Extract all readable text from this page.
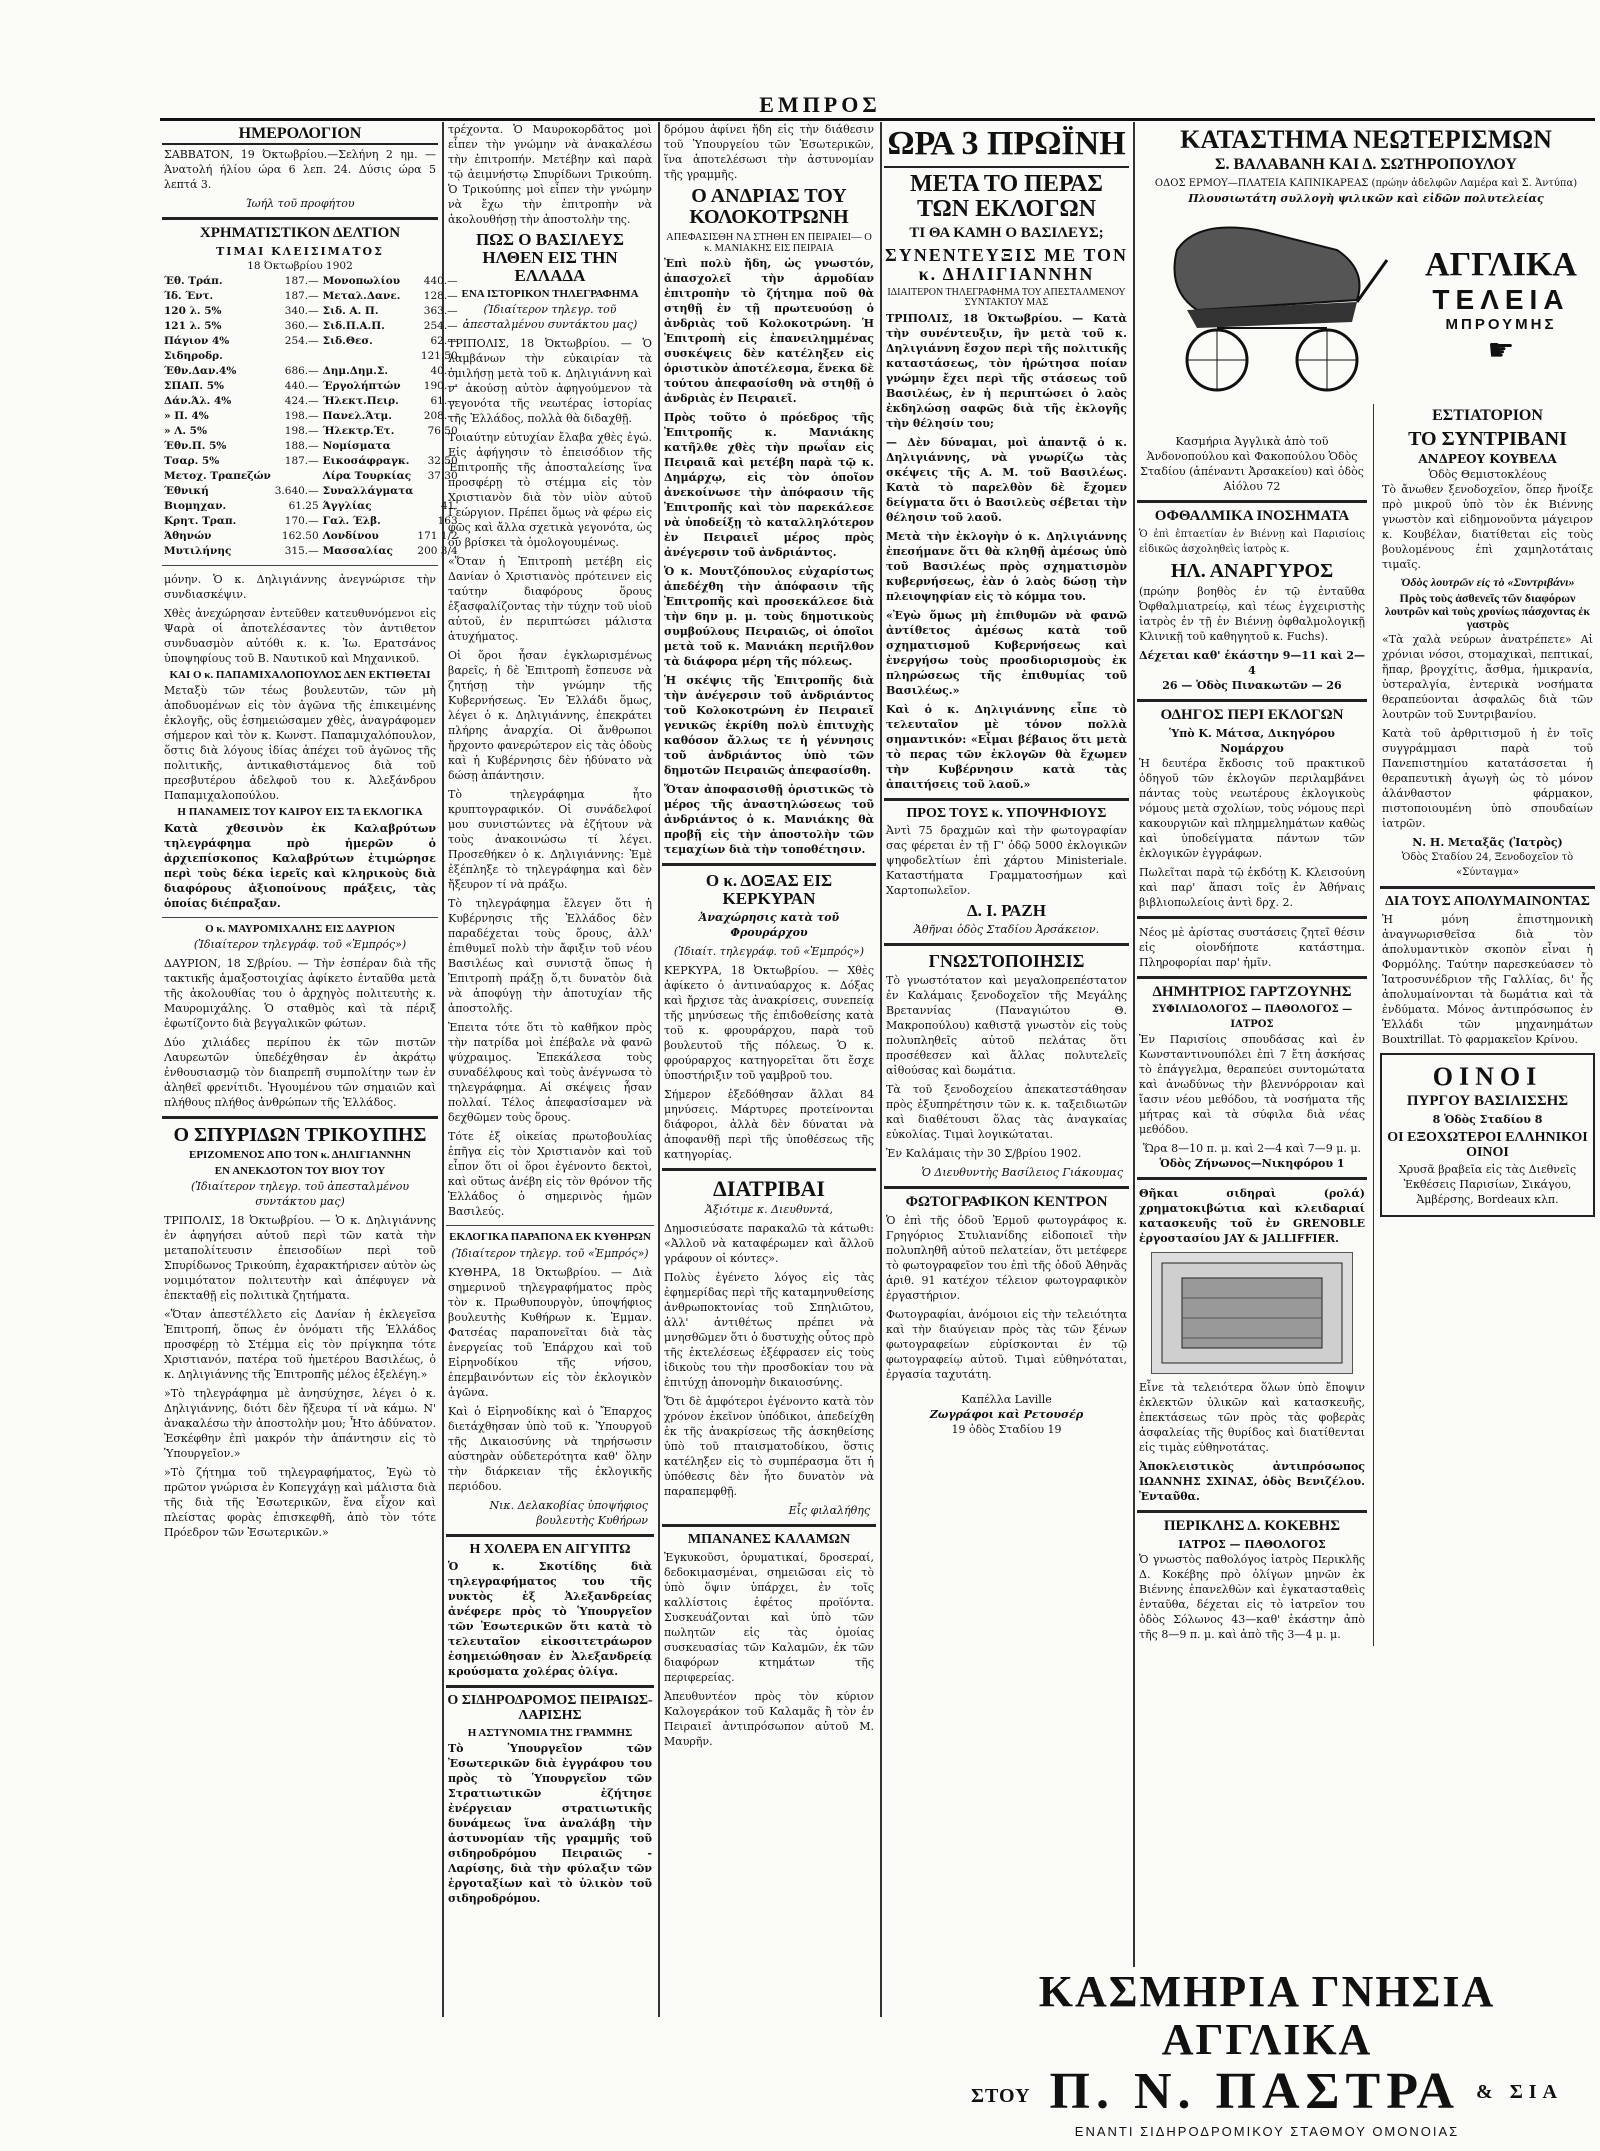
ΕΜΠΡΟΣ
ΗΜΕΡΟΛΟΓΙΟΝ
ΣΑΒΒΑΤΟΝ, 19 Όκτωβρίου.—Σελήνη 2 ημ. — Άνατολή ήλίου ώρα 6 λεπ. 24. Δύσις ώρα 5 λεπτά 3.
Ίωήλ τοῦ προφήτου
ΧΡΗΜΑΤΙΣΤΙΚΟΝ ΔΕΛΤΙΟΝ
ΤΙΜΑΙ ΚΛΕΙΣΙΜΑΤΟΣ
18 Όκτωβρίου 1902
Έθ. Τράπ.	187.—	Μονοπωλίου	440.—
Ίδ. Έντ.	187.—	Μεταλ.Δανε.	128.—
120 λ. 5%	340.—	Σιδ. Α. Π.	363.—
121 λ. 5%	360.—	Σιδ.Π.Α.Π.	254.—
Πάγιον 4%	254.—	Σιδ.Θεσ.	62.—
Σιδηροδρ.			121.50
Έθν.Δαν.4%	686.—	Δημ.Δημ.Σ.	40.—
ΣΠΑΠ. 5%	440.—	Έργολήπτών	190.—
Δάν.Άλ. 4%	424.—	Ήλεκτ.Πειρ.	61.—
» Π. 4%	198.—	Πανελ.Άτμ.	208.—
» Λ. 5%	198.—	Ήλεκτρ.Έτ.	76.50
Έθν.Π. 5%	188.—	Νομίσματα	
Τσαρ. 5%	187.—	Εικοσάφραγκ.	32.50
Μετοχ. Τραπεζών		Λίρα Τουρκίας	37.30
Έθνική	3.640.—	Συναλλάγματα	
Βιομηχαν.	61.25	Άγγλίας	41.
Κρητ. Τραπ.	170.—	Γαλ. Έλβ.	163
Άθηνών	162.50	Λονδίνου	171 1/2
Μυτιλήνης	315.—	Μασσαλίας	200 3/4
μόνην. Ὁ κ. Δηλιγιάννης ἀνεγνώρισε τὴν συνδιασκέψιν.
Χθὲς ἀνεχώρησαν ἐντεῦθεν κατευθυνόμενοι εἰς Ψαρὰ οἱ ἀποτελέσαντες τὸν ἀντιθετον συνδυασμὸν αὐτόθι κ. κ. Ἰω. Ερατσάνος ὑποψηφίους τοῦ Β. Ναυτικοῦ καὶ Μηχανικοῦ.
ΚΑΙ Ο κ. ΠΑΠΑΜΙΧΑΛΟΠΟΥΛΟΣ ΔΕΝ ΕΚΤΙΘΕΤΑΙ
Μεταξὺ τῶν τέως βουλευτῶν, τῶν μὴ ἀποδυομένων εἰς τὸν ἀγῶνα τῆς ἐπικειμένης ἐκλογῆς, οὓς ἐσημειώσαμεν χθὲς, ἀναγράφομεν σήμερον καὶ τὸν κ. Κωνστ. Παπαμιχαλόπουλον, ὅστις διὰ λόγους ἰδίας ἀπέχει τοῦ ἀγῶνος τῆς πολιτικῆς, ἀντικαθιστάμενος διὰ τοῦ πρεσβυτέρου ἀδελφοῦ του κ. Ἀλεξάνδρου Παπαμιχαλοπούλου.
Η ΠΑΝΑΜΕΙΣ ΤΟΥ ΚΑΙΡΟΥ ΕΙΣ ΤΑ ΕΚΛΟΓΙΚΑ
Κατὰ χθεσινὸν ἐκ Καλαβρύτων τηλεγράφημα πρὸ ἡμερῶν ὁ ἀρχιεπίσκοπος Καλαβρύτων ἐτιμώρησε περὶ τοὺς δέκα ἱερεῖς καὶ κληρικοὺς διὰ διαφόρους ἀξιοποίνους πράξεις, τὰς ὁποίας διέπραξαν.
Ο κ. ΜΑΥΡΟΜΙΧΑΛΗΣ ΕΙΣ ΔΑΥΡΙΟΝ
(Ἰδιαίτερον τηλεγράφ. τοῦ «Ἐμπρός»)
ΔΑΥΡΙΟΝ, 18 Σ/βρίου. — Τὴν ἑσπέραν διὰ τῆς τακτικῆς ἁμαξοστοιχίας ἀφίκετο ἐνταῦθα μετὰ τῆς ἀκολουθίας του ὁ ἀρχηγὸς πολιτευτὴς κ. Μαυρομιχάλης. Ὁ σταθμὸς καὶ τὰ πέριξ ἐφωτίζοντο διὰ βεγγαλικῶν φώτων.
Δύο χιλιάδες περίπου ἐκ τῶν πιστῶν Λαυρεωτῶν ὑπεδέχθησαν ἐν ἀκράτῳ ἐνθουσιασμῷ τὸν διαπρεπῆ συμπολίτην των ἐν ἀληθεῖ φρενίτιδι. Ἠγουμένου τῶν σημαιῶν καὶ πλήθους πλήθος ἀνθρώπων τῆς Ἑλλάδος.
Ο ΣΠΥΡΙΔΩΝ ΤΡΙΚΟΥΠΗΣ
ΕΡΙΖΟΜΕΝΟΣ ΑΠΟ ΤΟΝ κ. ΔΗΛΙΓΙΑΝΝΗΝ
ΕΝ ΑΝΕΚΔΟΤΟΝ ΤΟΥ ΒΙΟΥ ΤΟΥ
(Ἰδιαίτερον τηλεγρ. τοῦ ἀπεσταλμένου συντάκτου μας)
ΤΡΙΠΟΛΙΣ, 18 Ὀκτωβρίου. — Ὁ κ. Δηλιγιάννης ἐν ἀφηγήσει αὐτοῦ περὶ τῶν κατὰ τὴν μεταπολίτευσιν ἐπεισοδίων περὶ τοῦ Σπυρίδωνος Τρικούπη, ἐχαρακτήρισεν αὐτὸν ὡς νομιμότατον πολιτευτὴν καὶ ἀπέφυγεν νὰ ἐπεκταθῇ εἰς πολιτικὰ ζητήματα.
«Ὅταν ἀπεστέλλετο εἰς Δανίαν ἡ ἐκλεγεῖσα Ἐπιτροπή, ὅπως ἐν ὀνόματι τῆς Ἑλλάδος προσφέρῃ τὸ Στέμμα εἰς τὸν πρίγκηπα τότε Χριστιανόν, πατέρα τοῦ ἡμετέρου Βασιλέως, ὁ κ. Δηλιγιάννης τῆς Ἐπιτροπῆς μέλος ἐξελέγη.»
»Τὸ τηλεγράφημα μὲ ἀνησύχησε, λέγει ὁ κ. Δηλιγιάννης, διότι δὲν ἤξευρα τί νὰ κάμω. Ν' ἀνακαλέσω τὴν ἀποστολὴν μου; Ἦτο ἀδύνατον. Ἐσκέφθην ἐπὶ μακρόν τὴν ἀπάντησιν εἰς τὸ Ὑπουργεῖον.»
»Τὸ ζήτημα τοῦ τηλεγραφήματος, Ἐγὼ τὸ πρῶτον γνώρισα ἐν Κοπεγχάγῃ καὶ μάλιστα διὰ τῆς διὰ τῆς Ἐσωτερικῶν, ἕνα εἶχον καὶ πλείστας φορὰς ἐπισκεφθῆ, ἀπὸ τὸν τότε Πρόεδρον τῶν Ἐσωτερικῶν.»
τρέχοντα. Ὁ Μαυροκορδᾶτος μοὶ εἶπεν τὴν γνώμην νὰ ἀνακαλέσω τὴν ἐπιτροπήν. Μετέβην καὶ παρὰ τῷ ἀειμνήστῳ Σπυρίδωνι Τρικούπη. Ὁ Τρικούπης μοὶ εἶπεν τὴν γνώμην νὰ ἔχω τὴν ἐπιτροπὴν νὰ ἀκολουθήσῃ τὴν ἀποστολὴν της.
ΠΩΣ Ο ΒΑΣΙΛΕΥΣ ΗΛΘΕΝ ΕΙΣ ΤΗΝ ΕΛΛΑΔΑ
ΕΝΑ ΙΣΤΟΡΙΚΟΝ ΤΗΛΕΓΡΑΦΗΜΑ
(Ἰδιαίτερον τηλεγρ. τοῦ ἀπεσταλμένου συντάκτου μας)
ΤΡΙΠΟΛΙΣ, 18 Ὀκτωβρίου. — Ὁ λαμβάνων τὴν εὐκαιρίαν τὰ ὁμιλήσῃ μετὰ τοῦ κ. Δηλιγιάννη καὶ ν' ἀκούσῃ αὐτὸν ἀφηγούμενον τὰ γεγονότα τῆς νεωτέρας ἱστορίας τῆς Ἑλλάδος, πολλὰ θὰ διδαχθῇ.
Τοιαύτην εὐτυχίαν ἔλαβα χθὲς ἐγώ. Εἰς ἀφήγησιν τὸ ἐπεισόδιον τῆς Ἐπιτροπῆς τῆς ἀποσταλείσης ἵνα προσφέρῃ τὸ στέμμα εἰς τὸν Χριστιανὸν διὰ τὸν υἱὸν αὐτοῦ Γεώργιον. Πρέπει ὅμως νὰ φέρω εἰς φῶς καὶ ἄλλα σχετικὰ γεγονότα, ὡς οὐ βρίσκει τὰ ὁμολογουμένως.
«Ὅταν ἡ Ἐπιτροπὴ μετέβη εἰς Δανίαν ὁ Χριστιανὸς πρότεινεν εἰς ταύτην διαφόρους ὅρους ἐξασφαλίζοντας τὴν τύχην τοῦ υἱοῦ αὐτοῦ, ἐν περιπτώσει μάλιστα ἀτυχήματος.
Οἱ ὅροι ἦσαν ἐγκλωρισμένως βαρεῖς, ἡ δὲ Ἐπιτροπὴ ἔσπευσε νὰ ζητήσῃ τὴν γνώμην τῆς Κυβερνήσεως. Ἐν Ἑλλάδι ὅμως, λέγει ὁ κ. Δηλιγιάννης, ἐπεκράτει πλήρης ἀναρχία. Οἱ ἄνθρωποι ἤρχοντο φανερώτερον εἰς τὰς ὁδοὺς καὶ ἡ Κυβέρνησις δὲν ἠδύνατο νὰ δώσῃ ἀπάντησιν.
Τὸ τηλεγράφημα ἦτο κρυπτογραφικόν. Οἱ συνάδελφοί μου συνιστώντες νὰ ἐζήτουν νὰ τοὺς ἀνακοινώσω τί λέγει. Προσεθήκεν ὁ κ. Δηλιγιάννης: Ἐμὲ ἐξέπληξε τὸ τηλεγράφημα καὶ δὲν ἤξευρον τί νὰ πράξω.
Τὸ τηλεγράφημα ἔλεγεν ὅτι ἡ Κυβέρνησις τῆς Ἑλλάδος δὲν παραδέχεται τοὺς ὅρους, ἀλλ' ἐπιθυμεῖ πολὺ τὴν ἄφιξιν τοῦ νέου Βασιλέως καὶ συνιστᾷ ὅπως ἡ Ἐπιτροπὴ πράξῃ ὅ,τι δυνατὸν διὰ νὰ ἀποφύγῃ τὴν ἀποτυχίαν τῆς ἀποστολῆς.
Ἐπειτα τότε ὅτι τὸ καθῆκον πρὸς τὴν πατρίδα μοὶ ἐπέβαλε νὰ φανῶ ψύχραιμος. Ἐπεκάλεσα τοὺς συναδέλφους καὶ τοὺς ἀνέγνωσα τὸ τηλεγράφημα. Αἱ σκέψεις ἦσαν πολλαί. Τέλος ἀπεφασίσαμεν νὰ δεχθῶμεν τοὺς ὅρους.
Τότε ἐξ οἰκείας πρωτοβουλίας ἐπῆγα εἰς τὸν Χριστιανὸν καὶ τοῦ εἶπον ὅτι οἱ ὅροι ἐγένοντο δεκτοὶ, καὶ οὕτως ἀνέβη εἰς τὸν θρόνον τῆς Ἑλλάδος ὁ σημερινὸς ἡμῶν Βασιλεύς.
ΕΚΛΟΓΙΚΑ ΠΑΡΑΠΟΝΑ ΕΚ ΚΥΘΗΡΩΝ
(Ἰδιαίτερον τηλεγρ. τοῦ «Ἐμπρός»)
ΚΥΘΗΡΑ, 18 Ὀκτωβρίου. — Διὰ σημερινοῦ τηλεγραφήματος πρὸς τὸν κ. Πρωθυπουργὸν, ὑποψήφιος βουλευτὴς Κυθήρων κ. Ἐμμαν. Φατσέας παραπονεῖται διὰ τὰς ἐνεργείας τοῦ Ἐπάρχου καὶ τοῦ Εἰρηνοδίκου τῆς νήσου, ἐπεμβαινόντων εἰς τὸν ἐκλογικὸν ἀγῶνα.
Καὶ ὁ Εἰρηνοδίκης καὶ ὁ Ἔπαρχος διετάχθησαν ὑπὸ τοῦ κ. Ὑπουργοῦ τῆς Δικαιοσύνης νὰ τηρήσωσιν αὐστηρὰν οὐδετερότητα καθ' ὅλην τὴν διάρκειαν τῆς ἐκλογικῆς περιόδου.
Νικ. Δελακοβίας ὑποψήφιος βουλευτὴς Κυθήρων
Η ΧΟΛΕΡΑ ΕΝ ΑΙΓΥΠΤΩ
Ὁ κ. Σκοτίδης διὰ τηλεγραφήματος του τῆς νυκτὸς ἐξ Ἀλεξανδρείας ἀνέφερε πρὸς τὸ Ὑπουργεῖον τῶν Ἐσωτερικῶν ὅτι κατὰ τὸ τελευταῖον εἰκοσιτετράωρον ἐσημειώθησαν ἐν Ἀλεξανδρείᾳ κρούσματα χολέρας ὀλίγα.
Ο ΣΙΔΗΡΟΔΡΟΜΟΣ ΠΕΙΡΑΙΩΣ-ΛΑΡΙΣΗΣ
Η ΑΣΤΥΝΟΜΙΑ ΤΗΣ ΓΡΑΜΜΗΣ
Τὸ Ὑπουργεῖον τῶν Ἐσωτερικῶν διὰ ἐγγράφου του πρὸς τὸ Ὑπουργεῖον τῶν Στρατιωτικῶν ἐζήτησε ἐνέργειαν στρατιωτικῆς δυνάμεως ἵνα ἀναλάβῃ τὴν ἀστυνομίαν τῆς γραμμῆς τοῦ σιδηροδρόμου Πειραιῶς - Λαρίσης, διὰ τὴν φύλαξιν τῶν ἐργοταξίων καὶ τὸ ὑλικὸν τοῦ σιδηροδρόμου.
δρόμου ἀφίνει ἤδη εἰς τὴν διάθεσιν τοῦ Ὑπουργείου τῶν Ἐσωτερικῶν, ἵνα ἀποτελέσωσι τὴν ἀστυνομίαν τῆς γραμμῆς.
Ο ΑΝΔΡΙΑΣ ΤΟΥ ΚΟΛΟΚΟΤΡΩΝΗ
ΑΠΕΦΑΣΙΣΘΗ ΝΑ ΣΤΗΘΗ ΕΝ ΠΕΙΡΑΙΕΙ— Ο κ. ΜΑΝΙΑΚΗΣ ΕΙΣ ΠΕΙΡΑΙΑ
Ἐπὶ πολὺ ἤδη, ὡς γνωστόν, ἀπασχολεῖ τὴν ἁρμοδίαν ἐπιτροπὴν τὸ ζήτημα ποῦ θὰ στηθῇ ἐν τῇ πρωτευούσῃ ὁ ἀνδριὰς τοῦ Κολοκοτρώνη. Ἡ Ἐπιτροπὴ εἰς ἐπανειλημμένας συσκέψεις δὲν κατέληξεν εἰς ὁριστικὸν ἀποτέλεσμα, ἕνεκα δὲ τούτου ἀπεφασίσθη νὰ στηθῇ ὁ ἀνδριὰς ἐν Πειραιεῖ.
Πρὸς τοῦτο ὁ πρόεδρος τῆς Ἐπιτροπῆς κ. Μανιάκης κατῆλθε χθὲς τὴν πρωΐαν εἰς Πειραιᾶ καὶ μετέβη παρὰ τῷ κ. Δημάρχῳ, εἰς τὸν ὁποῖον ἀνεκοίνωσε τὴν ἀπόφασιν τῆς Ἐπιτροπῆς καὶ τὸν παρεκάλεσε νὰ ὑποδείξῃ τὸ καταλληλότερον ἐν Πειραιεῖ μέρος πρὸς ἀνέγερσιν τοῦ ἀνδριάντος.
Ὁ κ. Μουτζόπουλος εὐχαρίστως ἀπεδέχθη τὴν ἀπόφασιν τῆς Ἐπιτροπῆς καὶ προσεκάλεσε διὰ τὴν 6ην μ. μ. τοὺς δημοτικοὺς συμβούλους Πειραιῶς, οἱ ὁποῖοι μετὰ τοῦ κ. Μανιάκη περιῆλθον τὰ διάφορα μέρη τῆς πόλεως.
Ἡ σκέψις τῆς Ἐπιτροπῆς διὰ τὴν ἀνέγερσιν τοῦ ἀνδριάντος τοῦ Κολοκοτρώνη ἐν Πειραιεῖ γενικῶς ἐκρίθη πολὺ ἐπιτυχὴς καθόσον ἄλλως τε ἡ γέννησις τοῦ ἀνδριάντος ὑπὸ τῶν δημοτῶν Πειραιῶς ἀπεφασίσθη.
Ὅταν ἀποφασισθῇ ὁριστικῶς τὸ μέρος τῆς ἀναστηλώσεως τοῦ ἀνδριάντος ὁ κ. Μανιάκης θὰ προβῇ εἰς τὴν ἀποστολὴν τῶν τεμαχίων διὰ τὴν τοποθέτησιν.
Ο κ. ΔΟΞΑΣ ΕΙΣ ΚΕΡΚΥΡΑΝ
Ἀναχώρησις κατὰ τοῦ Φρουράρχου
(Ἰδιαίτ. τηλεγράφ. τοῦ «Ἐμπρός»)
ΚΕΡΚΥΡΑ, 18 Ὀκτωβρίου. — Χθὲς ἀφίκετο ὁ ἀντιναύαρχος κ. Δόξας καὶ ἤρχισε τὰς ἀνακρίσεις, συνεπείᾳ τῆς μηνύσεως τῆς ἐπιδοθείσης κατὰ τοῦ κ. φρουράρχου, παρὰ τοῦ βουλευτοῦ τῆς πόλεως. Ὁ κ. φρούραρχος κατηγορεῖται ὅτι ἔσχε ὑποστήριξιν τοῦ γαμβροῦ του.
Σήμερον ἐξεδόθησαν ἄλλαι 84 μηνύσεις. Μάρτυρες προτείνονται διάφοροι, ἀλλὰ δὲν δύναται νὰ ἀποφανθῇ περὶ τῆς ὑποθέσεως τῆς κατηγορίας.
ΔΙΑΤΡΙΒΑΙ
Ἀξιότιμε κ. Διευθυντά,
Δημοσιεύσατε παρακαλῶ τὰ κάτωθι: «Ἀλλοῦ νὰ καταφέρωμεν καὶ ἄλλοῦ γράφουν οἱ κόντες».
Πολὺς ἐγένετο λόγος εἰς τὰς ἐφημερίδας περὶ τῆς καταμηνυθείσης ἀνθρωποκτονίας τοῦ Σπηλιῶτου, ἀλλ' ἀντιθέτως πρέπει νὰ μνησθῶμεν ὅτι ὁ δυστυχὴς οὗτος πρὸ τῆς ἐκτελέσεως ἐξέφρασεν εἰς τοὺς ἰδικοὺς του τὴν προσδοκίαν του νὰ ἐπιτύχῃ ἀπονομὴν δικαιοσύνης.
Ὅτι δὲ ἀμφότεροι ἐγένοντο κατὰ τὸν χρόνον ἐκεῖνον ὑπόδικοι, ἀπεδείχθη ἐκ τῆς ἀνακρίσεως τῆς ἀσκηθείσης ὑπὸ τοῦ πταισματοδίκου, ὅστις κατέληξεν εἰς τὸ συμπέρασμα ὅτι ἡ ὑπόθεσις δὲν ἦτο δυνατὸν νὰ παραπεμφθῇ.
Εἷς φιλαλήθης
ΜΠΑΝΑΝΕΣ ΚΑΛΑΜΩΝ
Ἐγκυκοῦσι, ὀρυματικαί, δροσεραί, δεδοκιμασμέναι, σημειῶσαι εἰς τὸ ὑπὸ ὅψιν ὑπάρχει, ἐν τοῖς καλλίστοις ἐφέτος προϊόντα. Συσκευάζονται καὶ ὑπὸ τῶν πωλητῶν εἰς τὰς ὁμοίας συσκευασίας τῶν Καλαμῶν, ἐκ τῶν διαφόρων κτημάτων τῆς περιφερείας.
Ἀπευθυντέον πρὸς τὸν κύριον Καλογεράκον τοῦ Καλαμᾶς ἢ τὸν ἐν Πειραιεῖ ἀντιπρόσωπον αὐτοῦ Μ. Μαυρῆν.
ΩΡΑ 3 ΠΡΩΪΝΗ
ΜΕΤΑ ΤΟ ΠΕΡΑΣ ΤΩΝ ΕΚΛΟΓΩΝ
ΤΙ ΘΑ ΚΑΜΗ Ο ΒΑΣΙΛΕΥΣ;
ΣΥΝΕΝΤΕΥΞΙΣ ΜΕ ΤΟΝ κ. ΔΗΛΙΓΙΑΝΝΗΝ
ΙΔΙΑΙΤΕΡΟΝ ΤΗΛΕΓΡΑΦΗΜΑ ΤΟΥ ΑΠΕΣΤΑΛΜΕΝΟΥ ΣΥΝΤΑΚΤΟΥ ΜΑΣ
ΤΡΙΠΟΛΙΣ, 18 Ὀκτωβρίου. — Κατὰ τὴν συνέντευξιν, ἣν μετὰ τοῦ κ. Δηλιγιάννη ἔσχον περὶ τῆς πολιτικῆς καταστάσεως, τὸν ἠρώτησα ποίαν γνώμην ἔχει περὶ τῆς στάσεως τοῦ Βασιλέως, ἐν ἡ περιπτώσει ὁ λαὸς ἐκδηλώσῃ σαφῶς διὰ τῆς ἐκλογῆς τὴν θέλησίν του;
— Δὲν δύναμαι, μοὶ ἀπαντᾷ ὁ κ. Δηλιγιάννης, νὰ γνωρίζω τὰς σκέψεις τῆς Α. Μ. τοῦ Βασιλέως. Κατὰ τὸ παρελθὸν δὲ ἔχομεν δείγματα ὅτι ὁ Βασιλεὺς σέβεται τὴν θέλησιν τοῦ λαοῦ.
Μετὰ τὴν ἐκλογὴν ὁ κ. Δηλιγιάννης ἐπεσήμανε ὅτι θὰ κληθῇ ἀμέσως ὑπὸ τοῦ Βασιλέως πρὸς σχηματισμὸν κυβερνήσεως, ἐὰν ὁ λαὸς δώσῃ τὴν πλειοψηφίαν εἰς τὸ κόμμα του.
«Ἐγὼ ὅμως μὴ ἐπιθυμῶν νὰ φανῶ ἀντίθετος ἀμέσως κατὰ τοῦ σχηματισμοῦ Κυβερνήσεως καὶ ἐνεργήσω τοὺς προσδιορισμοὺς ἐκ πληρώσεως τῆς ἐπιθυμίας τοῦ Βασιλέως.»
Καὶ ὁ κ. Δηλιγιάννης εἶπε τὸ τελευταῖον μὲ τόνον πολλὰ σημαντικόν: «Εἶμαι βέβαιος ὅτι μετὰ τὸ περας τῶν ἐκλογῶν θὰ ἔχωμεν τὴν Κυβέρνησιν κατὰ τὰς ἀπαιτήσεις τοῦ λαοῦ.»
ΠΡΟΣ ΤΟΥΣ κ. ΥΠΟΨΗΦΙΟΥΣ
Ἀντὶ 75 δραχμῶν καὶ τὴν φωτογραφίαν σας φέρεται ἐν τῇ Γ' ὁδῷ 5000 ἐκλογικῶν ψηφοδελτίων ἐπὶ χάρτου Ministeriale. Καταστήματα Γραμματοσήμων καὶ Χαρτοπωλεῖον.
Δ. Ι. ΡΑΖΗ
Ἀθῆναι ὁδὸς Σταδίου Ἀρσάκειον.
ΓΝΩΣΤΟΠΟΙΗΣΙΣ
Τὸ γνωστότατον καὶ μεγαλοπρεπέστατον ἐν Καλάμαις ξενοδοχεῖον τῆς Μεγάλης Βρεταννίας (Παναγιώτου Θ. Μακροπούλου) καθιστᾷ γνωστὸν εἰς τοὺς πολυπληθεῖς αὐτοῦ πελάτας ὅτι προσέθεσεν καὶ ἄλλας πολυτελεῖς αἰθούσας καὶ δωμάτια.
Τὰ τοῦ ξενοδοχείου ἀπεκατεστάθησαν πρὸς ἐξυπηρέτησιν τῶν κ. κ. ταξειδιωτῶν καὶ διαθέτουσι ὅλας τὰς ἀναγκαίας εὐκολίας. Τιμαὶ λογικώταται.
Ἐν Καλάμαις τὴν 30 Σ/βρίου 1902.
Ὁ Διευθυντὴς Βασίλειος Γιάκουμας
ΦΩΤΟΓΡΑΦΙΚΟΝ ΚΕΝΤΡΟΝ
Ὁ ἐπὶ τῆς ὁδοῦ Ἑρμοῦ φωτογράφος κ. Γρηγόριος Στυλιανίδης εἰδοποιεῖ τὴν πολυπληθῆ αὐτοῦ πελατείαν, ὅτι μετέφερε τὸ φωτογραφεῖον του ἐπὶ τῆς ὁδοῦ Ἀθηνᾶς ἀριθ. 91 κατέχον τέλειον φωτογραφικὸν ἐργαστήριον.
Φωτογραφίαι, ἀνόμοιοι εἰς τὴν τελειότητα καὶ τὴν διαύγειαν πρὸς τὰς τῶν ξένων φωτογραφείων εὑρίσκονται ἐν τῷ φωτογραφείῳ αὐτοῦ. Τιμαὶ εὐθηνόταται, ἐργασία ταχυτάτη.
Καπέλλα Laville
Ζωγράφοι καὶ Ρετουσέρ
19 ὁδὸς Σταδίου 19
ΚΑΤΑΣΤΗΜΑ ΝΕΩΤΕΡΙΣΜΩΝ
Σ. ΒΑΛΑΒΑΝΗ ΚΑΙ Δ. ΣΩΤΗΡΟΠΟΥΛΟΥ
ΟΔΟΣ ΕΡΜΟΥ—ΠΛΑΤΕΙΑ ΚΑΠΝΙΚΑΡΕΑΣ (πρώην ἀδελφῶν Λαμέρα καὶ Σ. Ἀντύπα)
Πλουσιωτάτη συλλογὴ ψιλικῶν καὶ εἰδῶν πολυτελείας
ΑΓΓΛΙΚΑ
ΤΕΛΕΙΑ
ΜΠΡΟΥΜΗΣ
☛
Κασμήρια Ἀγγλικὰ ἀπὸ τοῦ Ἀνδονοπούλου καὶ Φακοπούλου Ὁδὸς Σταδίου (ἀπέναντι Ἀρσακείου) καὶ ὁδὸς Αἰόλου 72
ΟΦΘΑΛΜΙΚΑ ΙΝΟΣΗΜΑΤΑ
Ὁ ἐπὶ ἑπταετίαν ἐν Βιέννῃ καὶ Παρισίοις εἰδικῶς ἀσχοληθεὶς ἰατρὸς κ.
ΗΛ. ΑΝΑΡΓΥΡΟΣ
(πρώην βοηθὸς ἐν τῷ ἐνταῦθα Ὀφθαλμιατρείῳ, καὶ τέως ἐγχειριστὴς ἰατρὸς ἐν τῇ ἐν Βιέννῃ ὀφθαλμολογικῇ Κλινικῇ τοῦ καθηγητοῦ κ. Fuchs).
Δέχεται καθ' ἑκάστην 9—11 καὶ 2—4
26 — Ὁδὸς Πινακωτῶν — 26
ΟΔΗΓΟΣ ΠΕΡΙ ΕΚΛΟΓΩΝ
Ὑπὸ Κ. Μάτσα, Δικηγόρου Νομάρχου
Ἡ δευτέρα ἔκδοσις τοῦ πρακτικοῦ ὁδηγοῦ τῶν ἐκλογῶν περιλαμβάνει πάντας τοὺς νεωτέρους ἐκλογικοὺς νόμους μετὰ σχολίων, τοὺς νόμους περὶ κακουργιῶν καὶ πλημμελημάτων καθὼς καὶ ὑποδείγματα πάντων τῶν ἐκλογικῶν ἐγγράφων.
Πωλεῖται παρὰ τῷ ἐκδότῃ Κ. Κλεισούνη καὶ παρ' ἅπασι τοῖς ἐν Ἀθήναις βιβλιοπωλείοις ἀντὶ δρχ. 2.
Νέος μὲ ἀρίστας συστάσεις ζητεῖ θέσιν εἰς οἰονδήποτε κατάστημα. Πληροφορίαι παρ' ἡμῖν.
ΔΗΜΗΤΡΙΟΣ ΓΑΡΤΖΟΥΝΗΣ
ΣΥΦΙΛΙΔΟΛΟΓΟΣ — ΠΑΘΟΛΟΓΟΣ — ΙΑΤΡΟΣ
Ἐν Παρισίοις σπουδάσας καὶ ἐν Κωνσταντινουπόλει ἐπὶ 7 ἔτη ἀσκήσας τὸ ἐπάγγελμα, θεραπεύει συντομώτατα καὶ ἀνωδύνως τὴν βλεννόρροιαν καὶ ἴασιν νέου μεθόδου, τὰ νοσήματα τῆς μήτρας καὶ τὰ σύφιλα διὰ νέας μεθόδου.
Ὥρα 8—10 π. μ. καὶ 2—4 καὶ 7—9 μ. μ.
Ὁδὸς Ζήνωνος—Νικηφόρου 1
Θῆκαι σιδηραὶ (ρολά) χρηματοκιβώτια καὶ κλειδαριαί κατασκευῆς τοῦ ἐν GRENOBLE ἐργοστασίου JAY & JALLIFFIER.
Εἶνε τὰ τελειότερα ὅλων ὑπὸ ἔποψιν ἐκλεκτῶν ὑλικῶν καὶ κατασκευῆς, ἐπεκτάσεως τῶν πρὸς τὰς φοβερὰς ἀσφαλείας τῆς θυρίδος καὶ διατίθενται εἰς τιμὰς εὐθηνοτάτας.
Ἀποκλειστικὸς ἀντιπρόσωπος ΙΩΑΝΝΗΣ ΣΧΙΝΑΣ, ὁδὸς Βενιζέλου. Ἐνταῦθα.
ΠΕΡΙΚΛΗΣ Δ. ΚΟΚΕΒΗΣ
ΙΑΤΡΟΣ — ΠΑΘΟΛΟΓΟΣ
Ὁ γνωστὸς παθολόγος ἰατρὸς Περικλῆς Δ. Κοκέβης πρὸ ὀλίγων μηνῶν ἐκ Βιέννης ἐπανελθὼν καὶ ἐγκατασταθεὶς ἐνταῦθα, δέχεται εἰς τὸ ἰατρεῖον του ὁδὸς Σόλωνος 43—καθ' ἑκάστην ἀπὸ τῆς 8—9 π. μ. καὶ ἀπὸ τῆς 3—4 μ. μ.
ΕΣΤΙΑΤΟΡΙΟΝ
ΤΟ ΣΥΝΤΡΙΒΑΝΙ
ΑΝΔΡΕΟΥ ΚΟΥΒΕΛΑ
Ὁδὸς Θεμιστοκλέους
Τὸ ἄνωθεν ξενοδοχεῖον, ὅπερ ἤνοίξε πρὸ μικροῦ ὑπὸ τὸν ἐκ Βιέννης γνωστὸν καὶ εἰδημονοῦντα μάγειρον κ. Κουβέλαν, διατίθεται εἰς τοὺς βουλομένους ἐπὶ χαμηλοτάταις τιμαῖς.
Ὁδὸς λουτρῶν εἰς τὸ «Συντριβάνι»
Πρὸς τοὺς ἀσθενεῖς τῶν διαφόρων λουτρῶν καὶ τοὺς χρονίως πάσχοντας ἐκ γαστρὸς
«Τὰ χαλὰ νεύρων ἀνατρέπετε» Αἱ χρόνιαι νόσοι, στομαχικαὶ, πεπτικαί, ἥπαρ, βρογχίτις, ἄσθμα, ἡμικρανία, ὑστεραλγία, ἐντερικὰ νοσήματα θεραπεύονται ἀσφαλῶς διὰ τῶν λουτρῶν τοῦ Συντριβανίου.
Κατὰ τοῦ ἀρθριτισμοῦ ἡ ἐν τοῖς συγγράμμασι παρὰ τοῦ Πανεπιστημίου κατατάσσεται ἡ θεραπευτικὴ ἀγωγὴ ὡς τὸ μόνον ἀλάνθαστον φάρμακον, πιστοποιουμένη ὑπὸ σπουδαίων ἰατρῶν.
Ν. Η. Μεταξᾶς (Ἰατρὸς)
Ὁδὸς Σταδίου 24, Ξενοδοχεῖον τὸ «Σύνταγμα»
ΔΙΑ ΤΟΥΣ ΑΠΟΛΥΜΑΙΝΟΝΤΑΣ
Ἡ μόνη ἐπιστημονικὴ ἀναγνωρισθεῖσα διὰ τὸν ἀπολυμαντικὸν σκοπὸν εἶναι ἡ Φορμόλης. Ταύτην παρεσκεύασεν τὸ Ἰατροσυνέδριον τῆς Γαλλίας, δι' ἧς ἀπολυμαίνονται τὰ δωμάτια καὶ τὰ ἐνδύματα. Μόνος ἀντιπρόσωπος ἐν Ἑλλάδι τῶν μηχανημάτων Bouxtrillat. Τὸ φαρμακεῖον Κρίνου.
ΟΙΝΟΙ
ΠΥΡΓΟΥ ΒΑΣΙΛΙΣΣΗΣ
8 Ὁδὸς Σταδίου 8
ΟΙ ΕΞΟΧΩΤΕΡΟΙ ΕΛΛΗΝΙΚΟΙ ΟΙΝΟΙ
Χρυσᾶ βραβεῖα εἰς τὰς Διεθνεῖς Ἐκθέσεις Παρισίων, Σικάγου, Ἀμβέρσης, Bordeaux κλπ.
ΚΑΣΜΗΡΙΑ ΓΝΗΣΙΑ ΑΓΓΛΙΚΑ
ΣΤΟΥ Π. Ν. ΠΑΣΤΡΑ $^{\& \Sigma IA}$
ΕΝΑΝΤΙ ΣΙΔΗΡΟΔΡΟΜΙΚΟΥ ΣΤΑΘΜΟΥ ΟΜΟΝΟΙΑΣ
